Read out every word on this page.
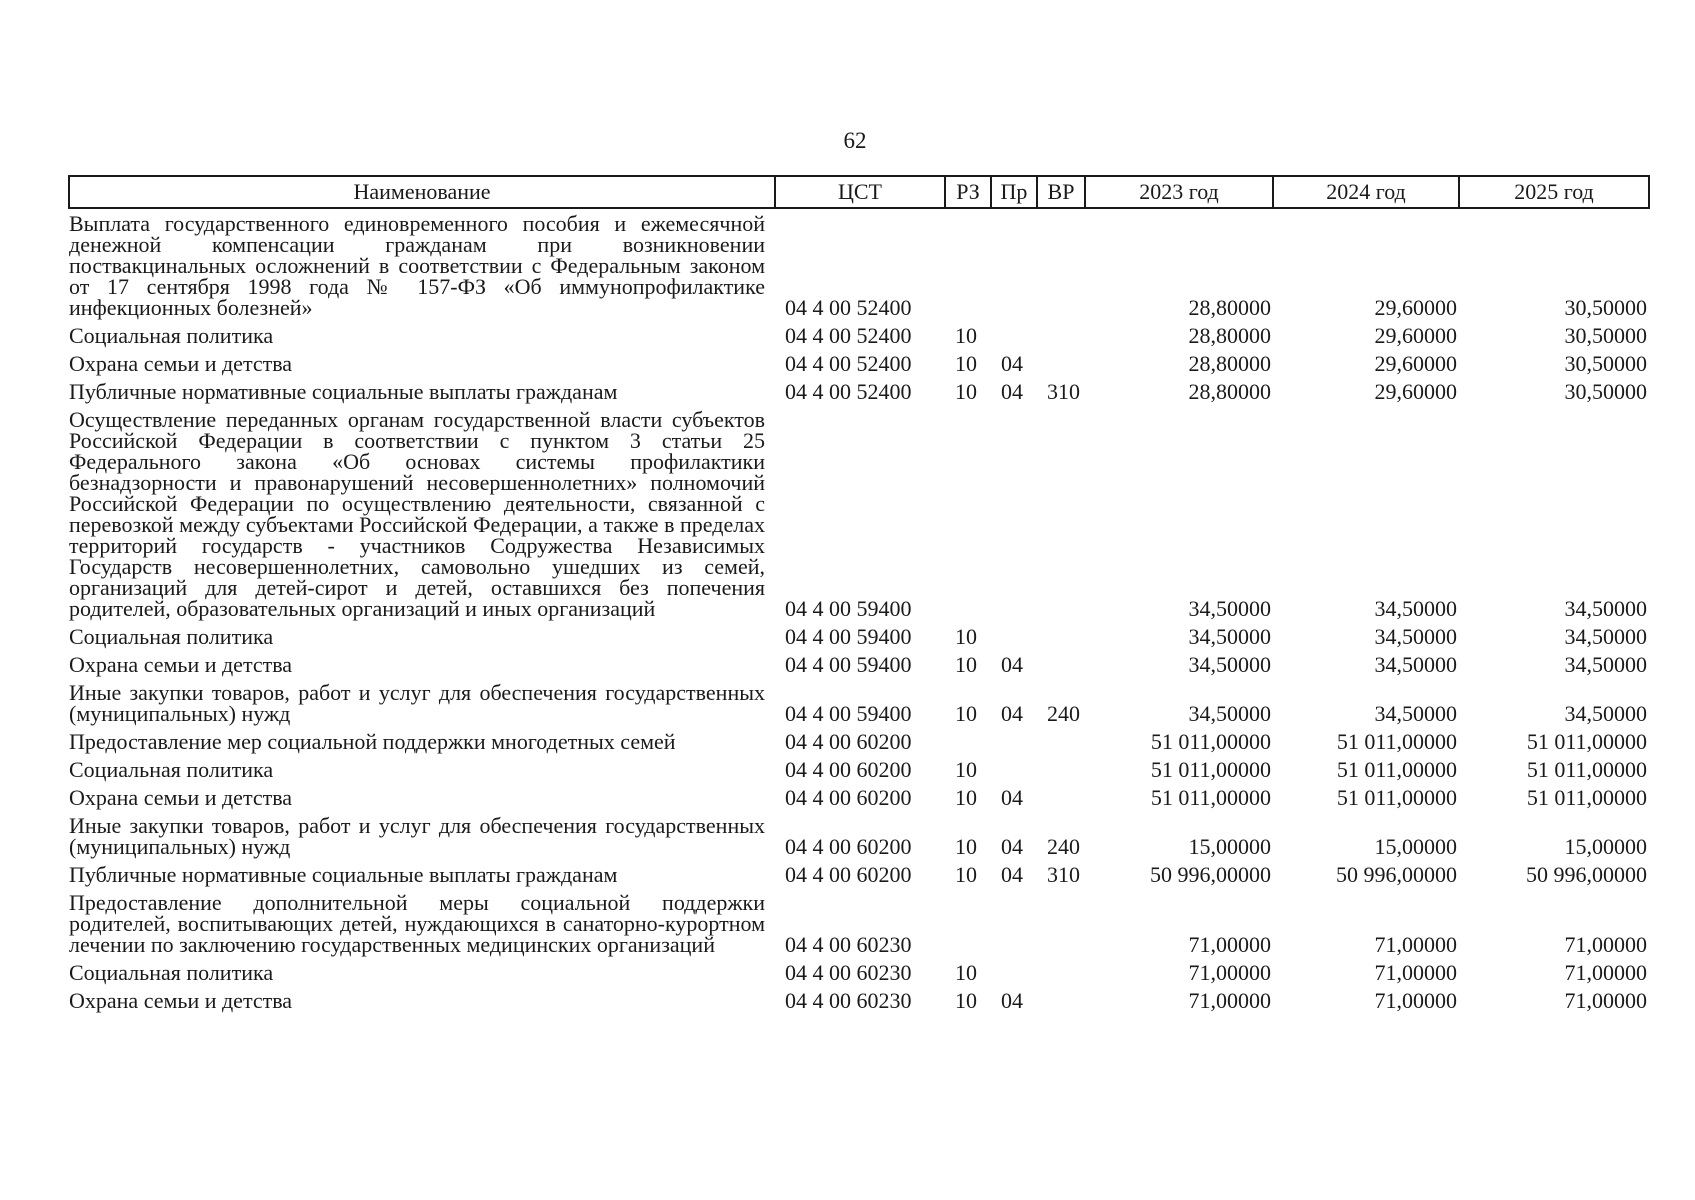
62
Наименование	ЦСТ	РЗ	Пр	ВР	2023 год	2024 год	2025 год
Выплата государственного единовременного пособия и ежемесячной денежной компенсации гражданам при возникновении поствакцинальных осложнений в соответствии с Федеральным законом от 17 сентября 1998 года № 157-ФЗ «Об иммунопрофилактике инфекционных болезней»	04 4 00 52400				28,80000	29,60000	30,50000
Социальная политика	04 4 00 52400	10			28,80000	29,60000	30,50000
Охрана семьи и детства	04 4 00 52400	10	04		28,80000	29,60000	30,50000
Публичные нормативные социальные выплаты гражданам	04 4 00 52400	10	04	310	28,80000	29,60000	30,50000
Осуществление переданных органам государственной власти субъектов Российской Федерации в соответствии с пунктом 3 статьи 25 Федерального закона «Об основах системы профилактики безнадзорности и правонарушений несовершеннолетних» полномочий Российской Федерации по осуществлению деятельности, связанной с перевозкой между субъектами Российской Федерации, а также в пределах территорий государств - участников Содружества Независимых Государств несовершеннолетних, самовольно ушедших из семей, организаций для детей-сирот и детей, оставшихся без попечения родителей, образовательных организаций и иных организаций	04 4 00 59400				34,50000	34,50000	34,50000
Социальная политика	04 4 00 59400	10			34,50000	34,50000	34,50000
Охрана семьи и детства	04 4 00 59400	10	04		34,50000	34,50000	34,50000
Иные закупки товаров, работ и услуг для обеспечения государственных (муниципальных) нужд	04 4 00 59400	10	04	240	34,50000	34,50000	34,50000
Предоставление мер социальной поддержки многодетных семей	04 4 00 60200				51 011,00000	51 011,00000	51 011,00000
Социальная политика	04 4 00 60200	10			51 011,00000	51 011,00000	51 011,00000
Охрана семьи и детства	04 4 00 60200	10	04		51 011,00000	51 011,00000	51 011,00000
Иные закупки товаров, работ и услуг для обеспечения государственных (муниципальных) нужд	04 4 00 60200	10	04	240	15,00000	15,00000	15,00000
Публичные нормативные социальные выплаты гражданам	04 4 00 60200	10	04	310	50 996,00000	50 996,00000	50 996,00000
Предоставление дополнительной меры социальной поддержки родителей, воспитывающих детей, нуждающихся в санаторно-курортном лечении по заключению государственных медицинских организаций	04 4 00 60230				71,00000	71,00000	71,00000
Социальная политика	04 4 00 60230	10			71,00000	71,00000	71,00000
Охрана семьи и детства	04 4 00 60230	10	04		71,00000	71,00000	71,00000
